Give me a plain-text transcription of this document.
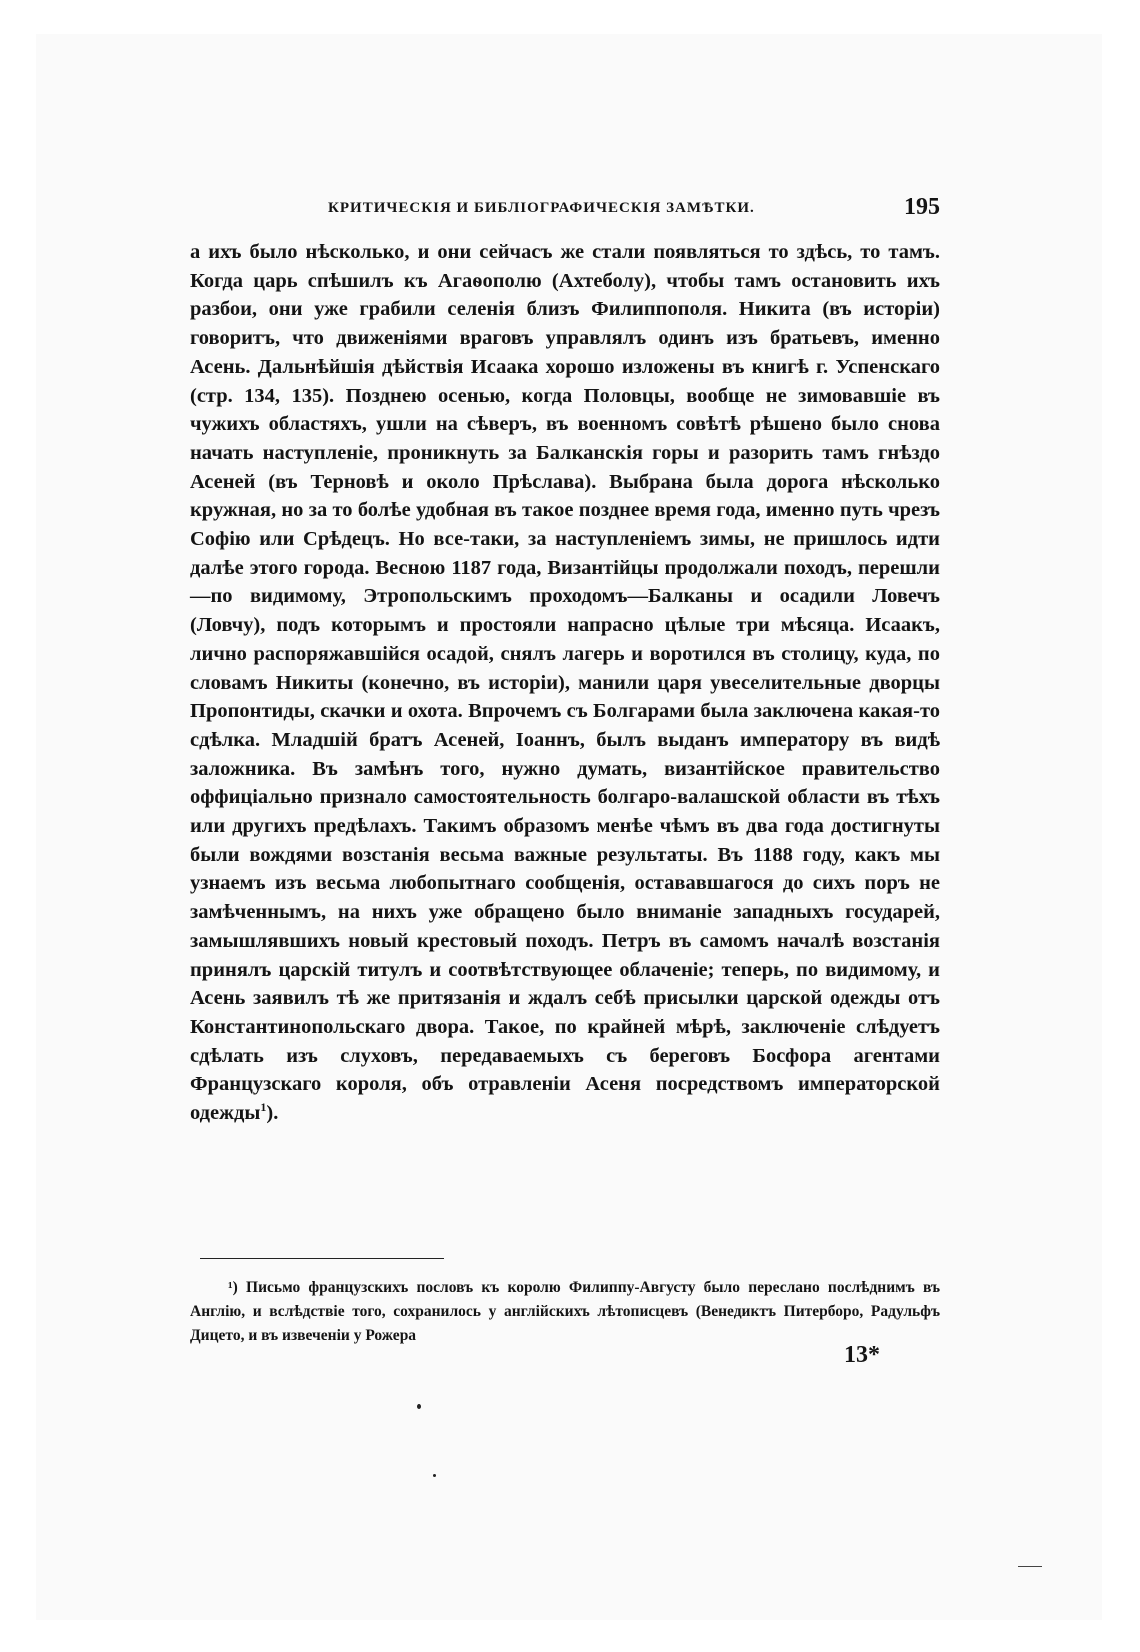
КРИТИЧЕСКІЯ И БИБЛІОГРАФИЧЕСКІЯ ЗАМѢТКИ.	195

а ихъ было нѣсколько, и они сейчасъ же стали появляться то здѣсь, то тамъ. Когда царь спѣшилъ къ Агаѳополю (Ахтеболу), чтобы тамъ остановить ихъ разбои, они уже грабили селенія близъ Филиппополя. Никита (въ исторіи) говоритъ, что движеніями враговъ управлялъ одинъ изъ братьевъ, именно Асень. Дальнѣйшія дѣйствія Исаака хорошо изложены въ книгѣ г. Успенскаго (стр. 134, 135). Позднею осенью, когда Половцы, вообще не зимовавшіе въ чужихъ областяхъ, ушли на сѣверъ, въ военномъ совѣтѣ рѣшено было снова начать наступленіе, проникнуть за Балканскія горы и разорить тамъ гнѣздо Асеней (въ Терновѣ и около Прѣслава). Выбрана была дорога нѣсколько кружная, но за то болѣе удобная въ такое позднее время года, именно путь чрезъ Софію или Срѣдецъ. Но все-таки, за наступленіемъ зимы, не пришлось идти далѣе этого города. Весною 1187 года, Византійцы продолжали походъ, перешли—по видимому, Этропольскимъ проходомъ—Балканы и осадили Ловечъ (Ловчу), подъ которымъ и простояли напрасно цѣлые три мѣсяца. Исаакъ, лично распоряжавшійся осадой, снялъ лагерь и воротился въ столицу, куда, по словамъ Никиты (конечно, въ исторіи), манили царя увеселительные дворцы Пропонтиды, скачки и охота. Впрочемъ съ Болгарами была заключена какая-то сдѣлка. Младшій братъ Асеней, Іоаннъ, былъ выданъ императору въ видѣ заложника. Въ замѣнъ того, нужно думать, византійское правительство оффиціально признало самостоятельность болгаро-валашской области въ тѣхъ или другихъ предѣлахъ. Такимъ образомъ менѣе чѣмъ въ два года достигнуты были вождями возстанія весьма важные результаты. Въ 1188 году, какъ мы узнаемъ изъ весьма любопытнаго сообщенія, остававшагося до сихъ поръ не замѣченнымъ, на нихъ уже обращено было вниманіе западныхъ государей, замышлявшихъ новый крестовый походъ. Петръ въ самомъ началѣ возстанія принялъ царскій титулъ и соотвѣтствующее облаченіе; теперь, по видимому, и Асень заявилъ тѣ же притязанія и ждалъ себѣ присылки царской одежды отъ Константинопольскаго двора. Такое, по крайней мѣрѣ, заключеніе слѣдуетъ сдѣлать изъ слуховъ, передаваемыхъ съ береговъ Босфора агентами Французскаго короля, объ отравленіи Асеня посредствомъ императорской одежды$^1$).

¹) Письмо французскихъ пословъ къ королю Филиппу-Августу было переслано послѣднимъ въ Англію, и вслѣдствіе того, сохранилось у англійскихъ лѣтописцевъ (Венедиктъ Питерборо, Радульфъ Дицето, и въ извеченіи у Рожера

13*
